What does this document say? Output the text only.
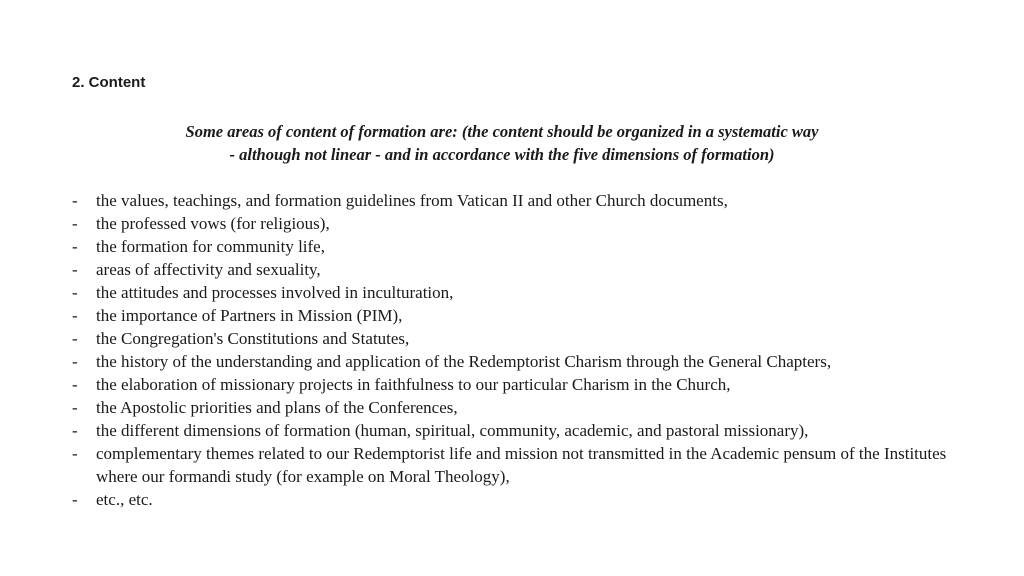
2. Content

Some areas of content of formation are: (the content should be organized in a systematic way
- although not linear - and in accordance with the five dimensions of formation)

-	the values, teachings, and formation guidelines from Vatican II and other Church documents,
-	the professed vows (for religious),
-	the formation for community life,
-	areas of affectivity and sexuality,
-	the attitudes and processes involved in inculturation,
-	the importance of Partners in Mission (PIM),
-	the Congregation's Constitutions and Statutes,
-	the history of the understanding and application of the Redemptorist Charism through the General Chapters,
-	the elaboration of missionary projects in faithfulness to our particular Charism in the Church,
-	the Apostolic priorities and plans of the Conferences,
-	the different dimensions of formation (human, spiritual, community, academic, and pastoral missionary),
-	complementary themes related to our Redemptorist life and mission not transmitted in the Academic pensum of the Institutes where our formandi study (for example on Moral Theology),
-	etc., etc.
